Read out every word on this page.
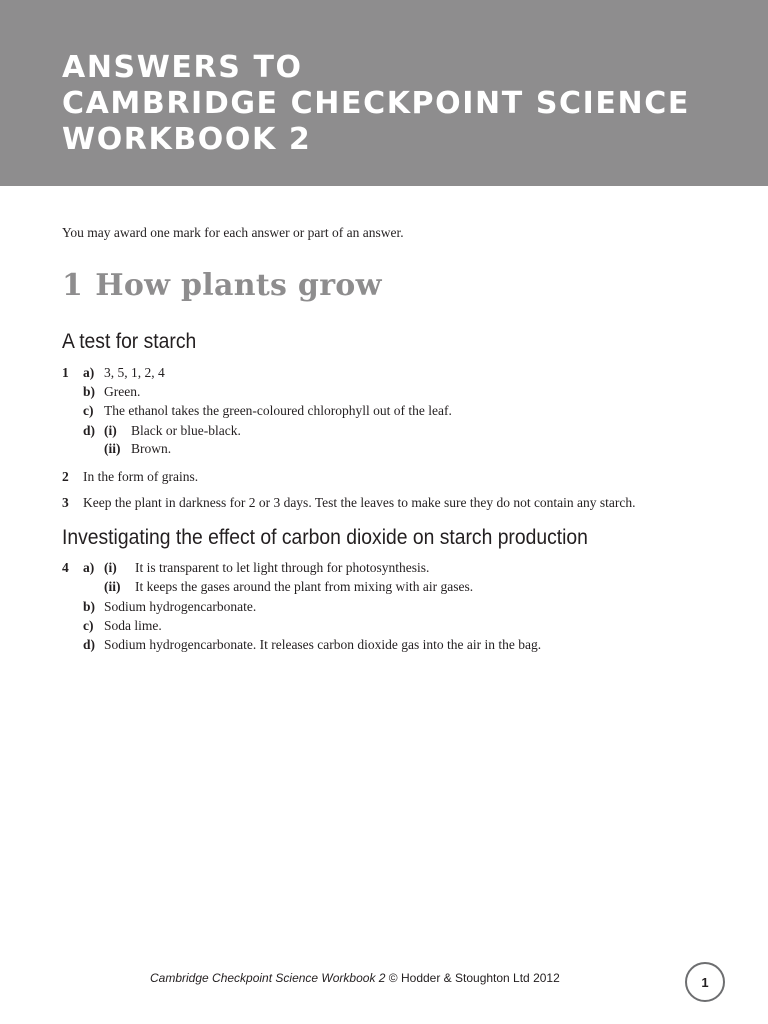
ANSWERS TO
CAMBRIDGE CHECKPOINT SCIENCE
WORKBOOK 2

You may award one mark for each answer or part of an answer.

1 How plants grow
A test for starch
1 a) 3, 5, 1, 2, 4
b) Green.
c) The ethanol takes the green-coloured chlorophyll out of the leaf.
d) (i) Black or blue-black.
(ii) Brown.
2 In the form of grains.
3 Keep the plant in darkness for 2 or 3 days. Test the leaves to make sure they do not contain any starch.
Investigating the effect of carbon dioxide on starch production
4 a) (i) It is transparent to let light through for photosynthesis.
(ii) It keeps the gases around the plant from mixing with air gases.
b) Sodium hydrogencarbonate.
c) Soda lime.
d) Sodium hydrogencarbonate. It releases carbon dioxide gas into the air in the bag.
Cambridge Checkpoint Science Workbook 2 © Hodder & Stoughton Ltd 2012	1
